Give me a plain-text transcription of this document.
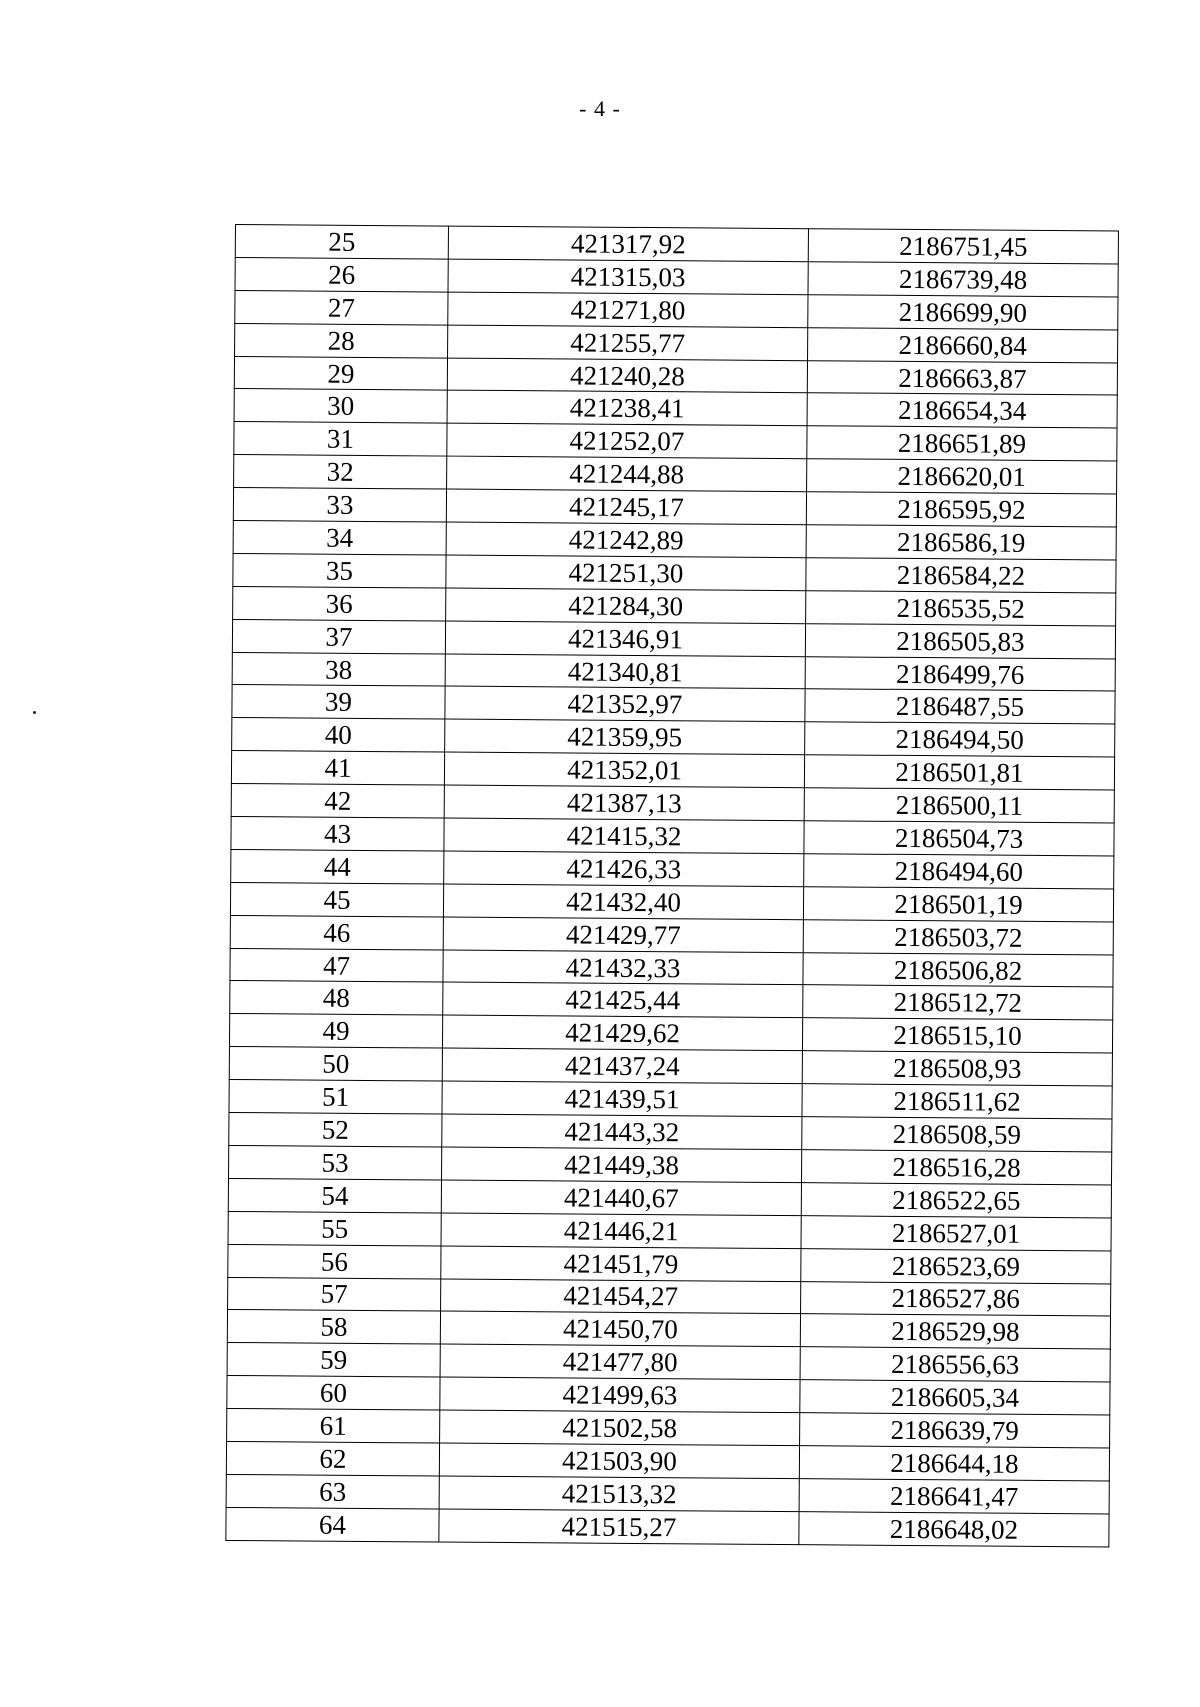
- 4 -
25	421317,92	2186751,45
26	421315,03	2186739,48
27	421271,80	2186699,90
28	421255,77	2186660,84
29	421240,28	2186663,87
30	421238,41	2186654,34
31	421252,07	2186651,89
32	421244,88	2186620,01
33	421245,17	2186595,92
34	421242,89	2186586,19
35	421251,30	2186584,22
36	421284,30	2186535,52
37	421346,91	2186505,83
38	421340,81	2186499,76
39	421352,97	2186487,55
40	421359,95	2186494,50
41	421352,01	2186501,81
42	421387,13	2186500,11
43	421415,32	2186504,73
44	421426,33	2186494,60
45	421432,40	2186501,19
46	421429,77	2186503,72
47	421432,33	2186506,82
48	421425,44	2186512,72
49	421429,62	2186515,10
50	421437,24	2186508,93
51	421439,51	2186511,62
52	421443,32	2186508,59
53	421449,38	2186516,28
54	421440,67	2186522,65
55	421446,21	2186527,01
56	421451,79	2186523,69
57	421454,27	2186527,86
58	421450,70	2186529,98
59	421477,80	2186556,63
60	421499,63	2186605,34
61	421502,58	2186639,79
62	421503,90	2186644,18
63	421513,32	2186641,47
64	421515,27	2186648,02
